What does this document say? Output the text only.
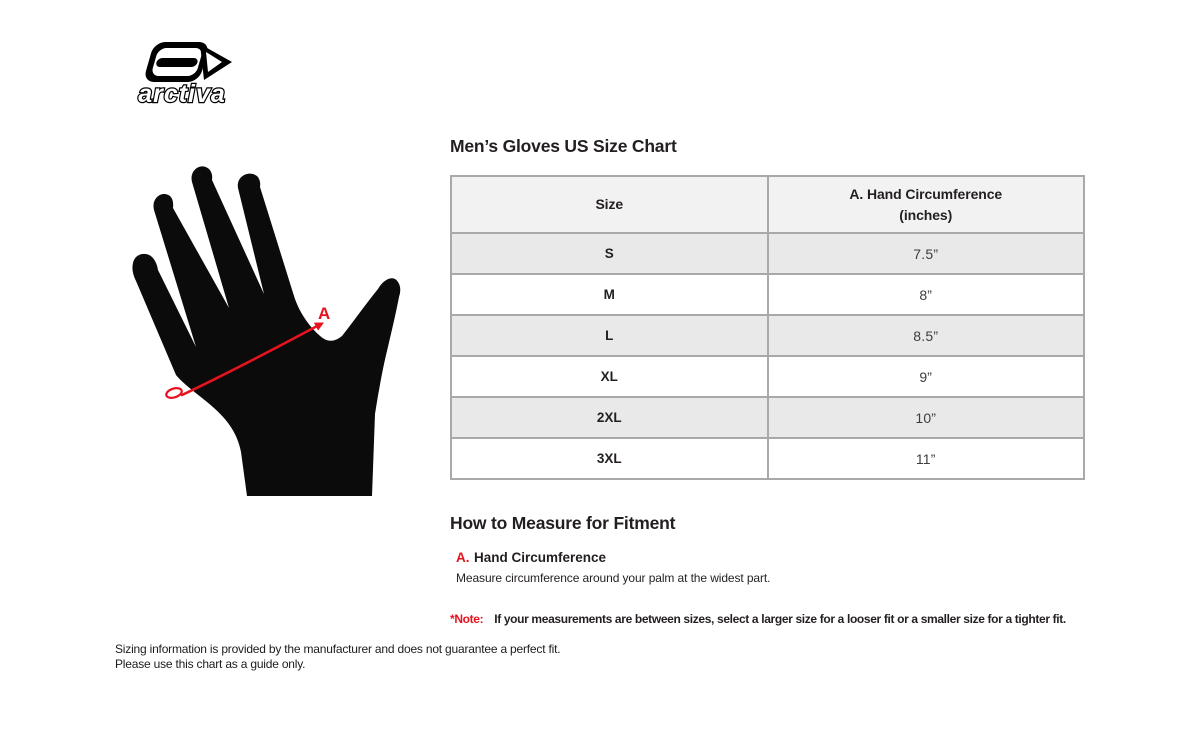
arctiva
A
Men’s Gloves US Size Chart
Size	A. Hand Circumference
(inches)

S	7.5”
M	8”
L	8.5”
XL	9”
2XL	10”
3XL	11”
How to Measure for Fitment
A. Hand Circumference
Measure circumference around your palm at the widest part.
*Note: If your measurements are between sizes, select a larger size for a looser fit or a smaller size for a tighter fit.
Sizing information is provided by the manufacturer and does not guarantee a perfect fit.
Please use this chart as a guide only.
